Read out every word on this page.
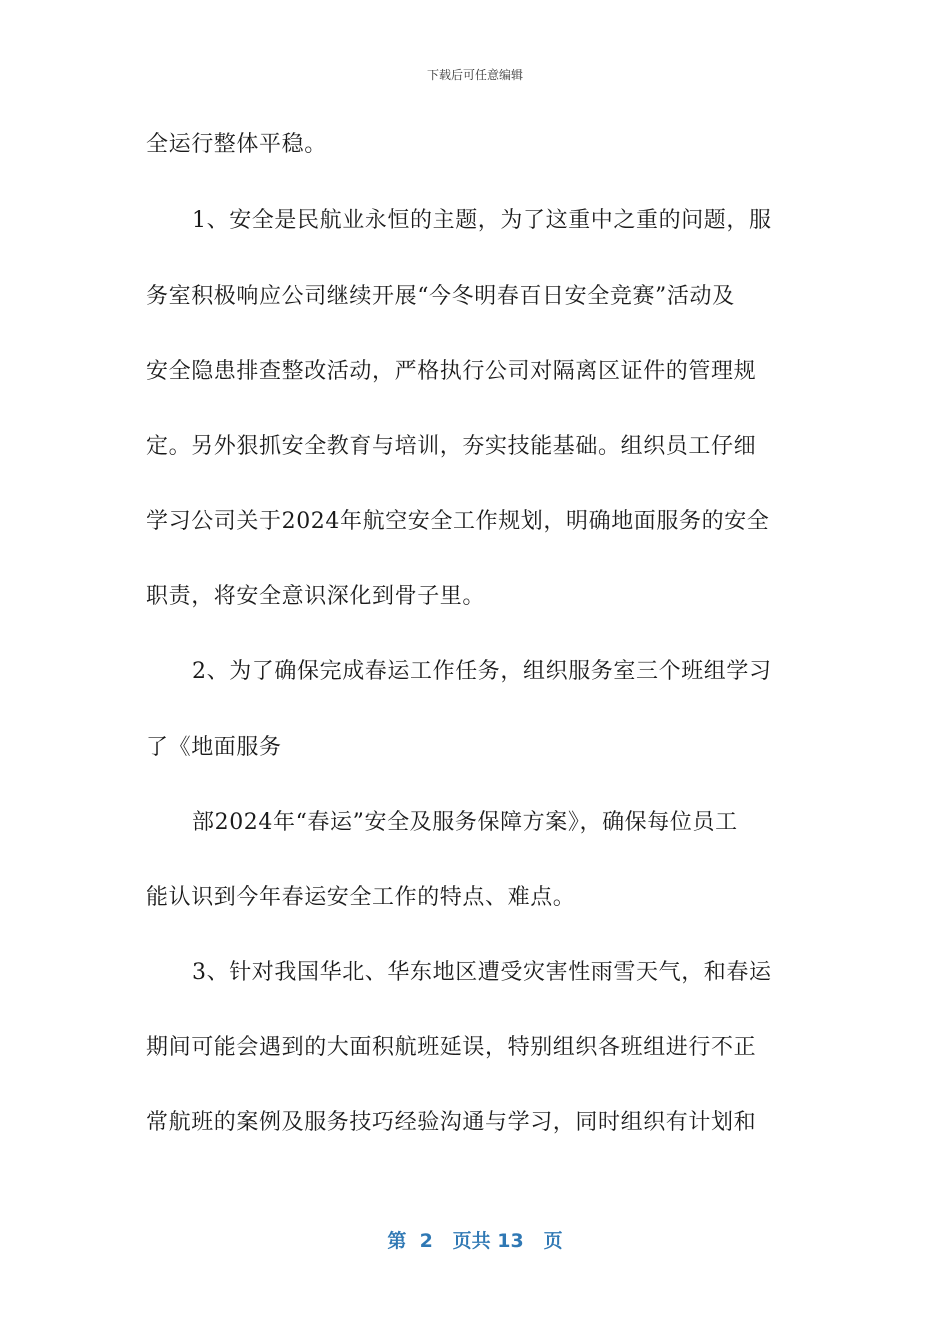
下载后可任意编辑
全运行整体平稳。
1、安全是民航业永恒的主题，为了这重中之重的问题，服
务室积极响应公司继续开展“今冬明春百日安全竞赛”活动及
安全隐患排查整改活动，严格执行公司对隔离区证件的管理规
定。另外狠抓安全教育与培训，夯实技能基础。组织员工仔细
学习公司关于2024年航空安全工作规划，明确地面服务的安全
职责，将安全意识深化到骨子里。
2、为了确保完成春运工作任务，组织服务室三个班组学习
了《地面服务
部2024年“春运”安全及服务保障方案》，确保每位员工
能认识到今年春运安全工作的特点、难点。
3、针对我国华北、华东地区遭受灾害性雨雪天气，和春运
期间可能会遇到的大面积航班延误，特别组织各班组进行不正
常航班的案例及服务技巧经验沟通与学习，同时组织有计划和
第  2   页共 13   页
